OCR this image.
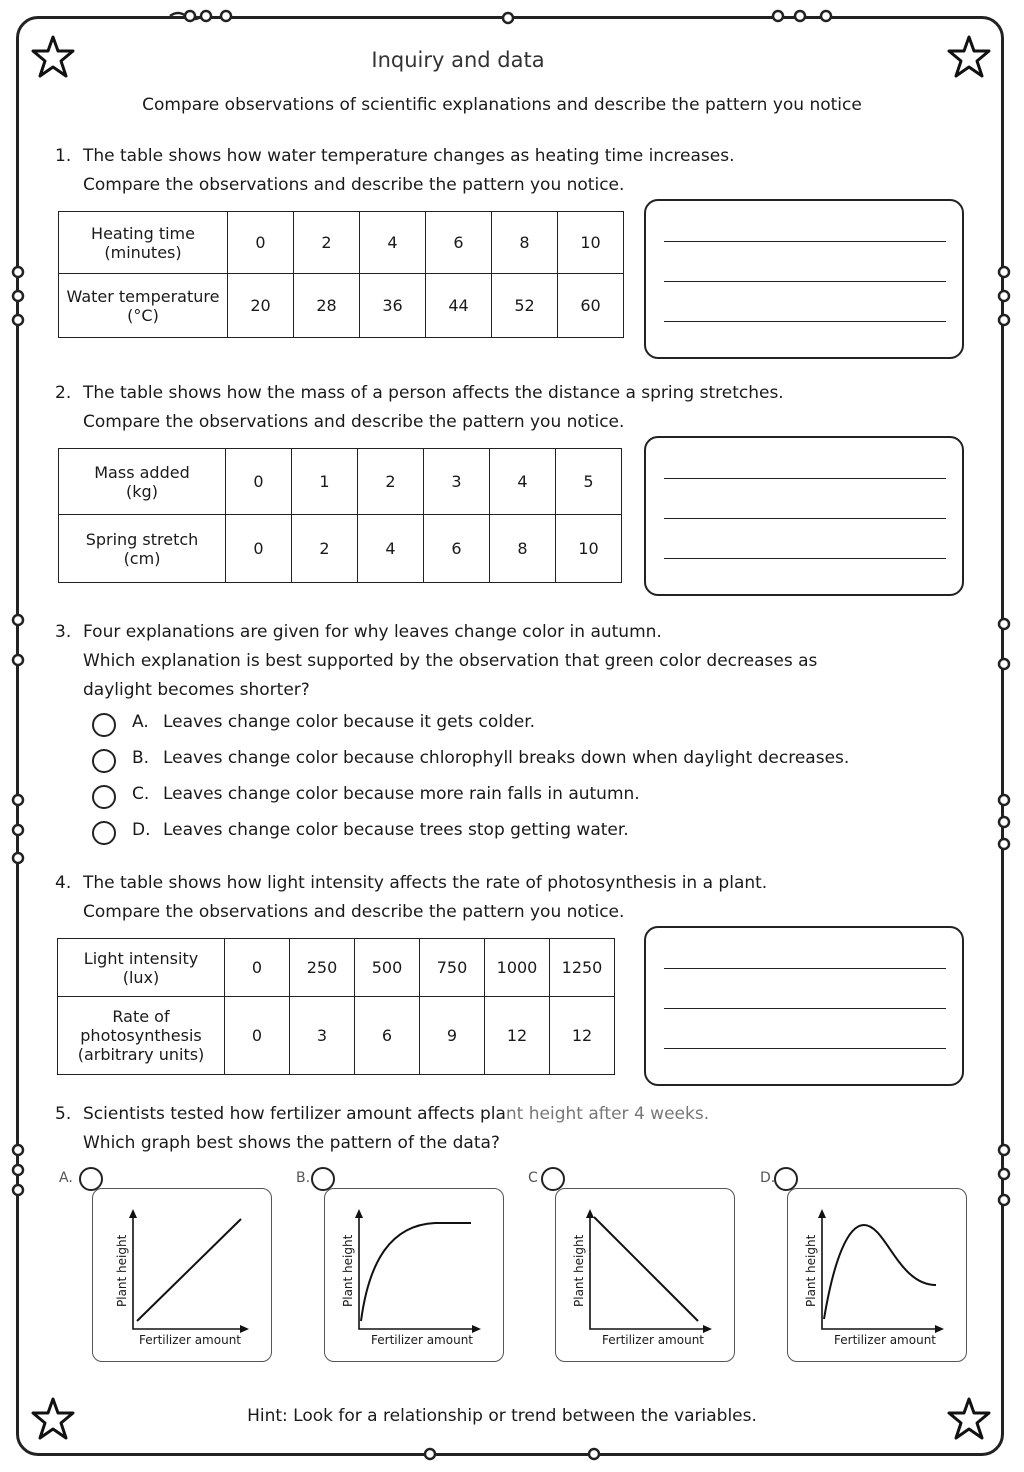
Inquiry and data
Compare observations of scientific explanations and describe the pattern you notice
1. The table shows how water temperature changes as heating time increases.
Compare the observations and describe the pattern you notice.
Heating time
(minutes)	0	2	4	6	8	10

Water temperature
(°C)	20	28	36	44	52	60
2. The table shows how the mass of a person affects the distance a spring stretches.
Compare the observations and describe the pattern you notice.
Mass added
(kg)	0	1	2	3	4	5

Spring stretch
(cm)	0	2	4	6	8	10
3. Four explanations are given for why leaves change color in autumn.
Which explanation is best supported by the observation that green color decreases as
daylight becomes shorter?
A. Leaves change color because it gets colder.
B. Leaves change color because chlorophyll breaks down when daylight decreases.
C. Leaves change color because more rain falls in autumn.
D. Leaves change color because trees stop getting water.
4. The table shows how light intensity affects the rate of photosynthesis in a plant.
Compare the observations and describe the pattern you notice.
Light intensity
(lux)	0	250	500	750	1000	1250

Rate of
photosynthesis
(arbitrary units)	0	3	6	9	12	12
5. Scientists tested how fertilizer amount affects plant height after 4 weeks.
Which graph best shows the pattern of the data?
A.
Plant height
Fertilizer amount
B.
Plant height
Fertilizer amount
C
Plant height
Fertilizer amount
D.
Plant height
Fertilizer amount
Hint: Look for a relationship or trend between the variables.
